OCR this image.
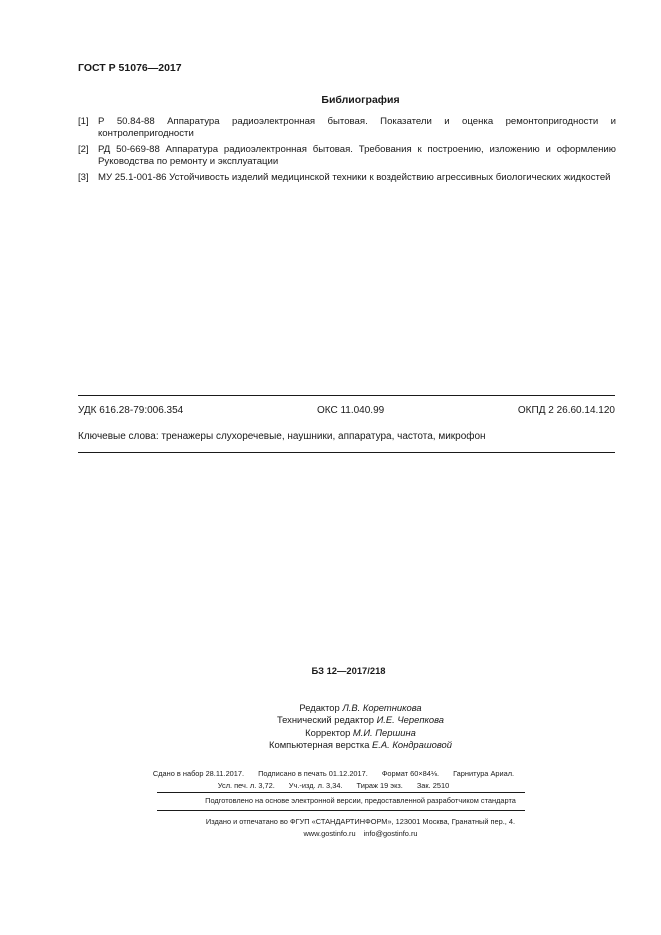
ГОСТ Р 51076—2017
Библиография
[1] Р 50.84-88 Аппаратура радиоэлектронная бытовая. Показатели и оценка ремонтопригодности и контролепригодности
[2] РД 50-669-88 Аппаратура радиоэлектронная бытовая. Требования к построению, изложению и оформлению Руководства по ремонту и эксплуатации
[3] МУ 25.1-001-86 Устойчивость изделий медицинской техники к воздействию агрессивных биологических жидкостей
УДК 616.28-79:006.354	ОКС 11.040.99	ОКПД 2 26.60.14.120
Ключевые слова: тренажеры слухоречевые, наушники, аппаратура, частота, микрофон
БЗ 12—2017/218
Редактор Л.В. Коретникова
Технический редактор И.Е. Черепкова
Корректор М.И. Першина
Компьютерная верстка Е.А. Кондрашовой
Сдано в набор 28.11.2017. Подписано в печать 01.12.2017. Формат 60×84⅛. Гарнитура Ариал.
Усл. печ. л. 3,72. Уч.-изд. л. 3,34. Тираж 19 экз. Зак. 2510
Подготовлено на основе электронной версии, предоставленной разработчиком стандарта
Издано и отпечатано во ФГУП «СТАНДАРТИНФОРМ», 123001 Москва, Гранатный пер., 4.
www.gostinfo.ru info@gostinfo.ru
